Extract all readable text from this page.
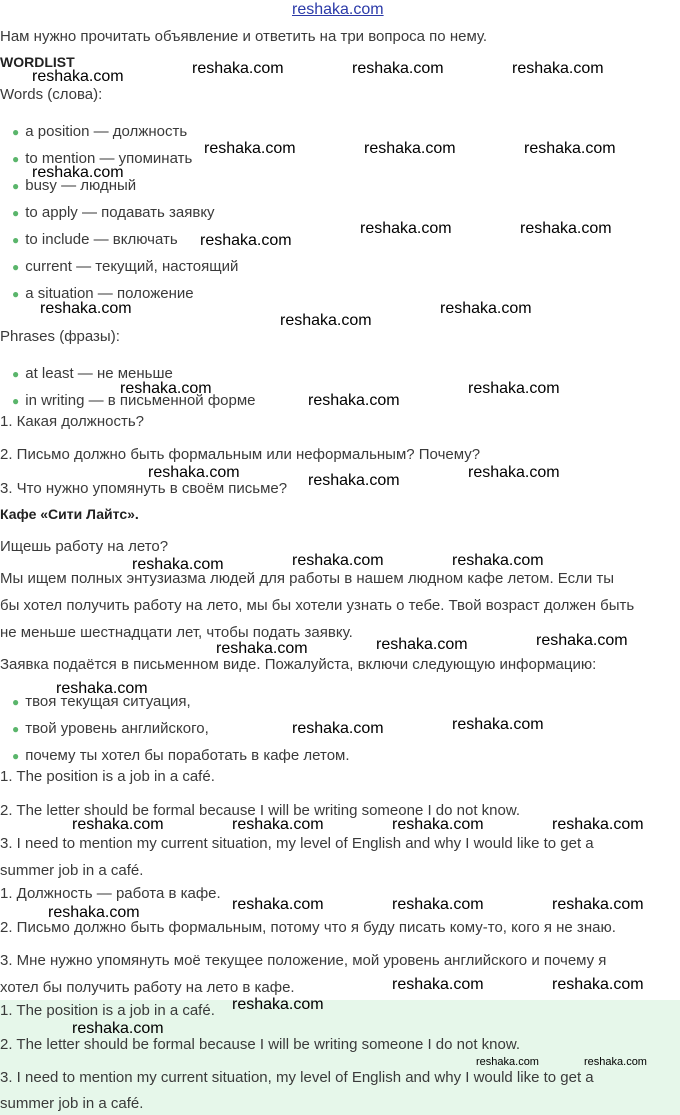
reshaka.com
Нам нужно прочитать объявление и ответить на три вопроса по нему.
WORDLIST
Words (слова):
● a position — должность
● to mention — упоминать
● busy — людный
● to apply — подавать заявку
● to include — включать
● current — текущий, настоящий
● a situation — положение
Phrases (фразы):
● at least — не меньше
● in writing — в письменной форме
1. Какая должность?
2. Письмо должно быть формальным или неформальным? Почему?
3. Что нужно упомянуть в своём письме?
Кафе «Сити Лайтс».
Ищешь работу на лето?
Мы ищем полных энтузиазма людей для работы в нашем людном кафе летом. Если ты
бы хотел получить работу на лето, мы бы хотели узнать о тебе. Твой возраст должен быть
не меньше шестнадцати лет, чтобы подать заявку.
Заявка подаётся в письменном виде. Пожалуйста, включи следующую информацию:
● твоя текущая ситуация,
● твой уровень английского,
● почему ты хотел бы поработать в кафе летом.
1. The position is a job in a café.
2. The letter should be formal because I will be writing someone I do not know.
3. I need to mention my current situation, my level of English and why I would like to get a
summer job in a café.
1. Должность — работа в кафе.
2. Письмо должно быть формальным, потому что я буду писать кому-то, кого я не знаю.
3. Мне нужно упомянуть моё текущее положение, мой уровень английского и почему я
хотел бы получить работу на лето в кафе.
1. The position is a job in a café.
2. The letter should be formal because I will be writing someone I do not know.
3. I need to mention my current situation, my level of English and why I would like to get a
summer job in a café.
reshaka.com	reshaka.com	reshaka.com	reshaka.com
reshaka.com	reshaka.com	reshaka.com
reshaka.com
reshaka.com
reshaka.com	reshaka.com
reshaka.com
reshaka.com
reshaka.com
reshaka.com
reshaka.com
reshaka.com
reshaka.com	reshaka.com	reshaka.com
reshaka.com	reshaka.com	reshaka.com
reshaka.com	reshaka.com	reshaka.com
reshaka.com
reshaka.com	reshaka.com
reshaka.com	reshaka.com	reshaka.com	reshaka.com
reshaka.com	reshaka.com	reshaka.com
reshaka.com
reshaka.com	reshaka.com
reshaka.com
reshaka.com
reshaka.com	reshaka.com
